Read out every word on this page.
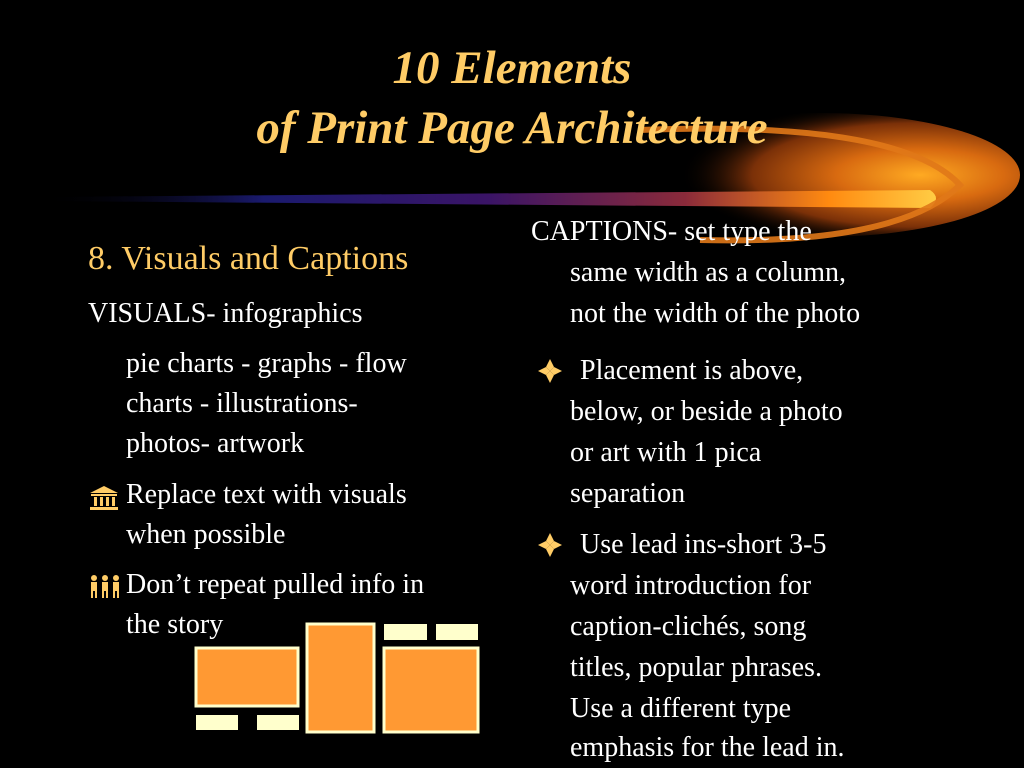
10 Elements
of Print Page Architecture
8. Visuals and Captions
VISUALS- infographics
pie charts - graphs - flow
charts - illustrations-
photos- artwork
Replace text with visuals
when possible
Don’t repeat pulled info in
the story
CAPTIONS- set type the
same width as a column,
not the width of the photo
Placement is above,
below, or beside a photo
or art with 1 pica
separation
Use lead ins-short 3-5
word introduction for
caption-clichés, song
titles, popular phrases.
Use a different type
emphasis for the lead in.
